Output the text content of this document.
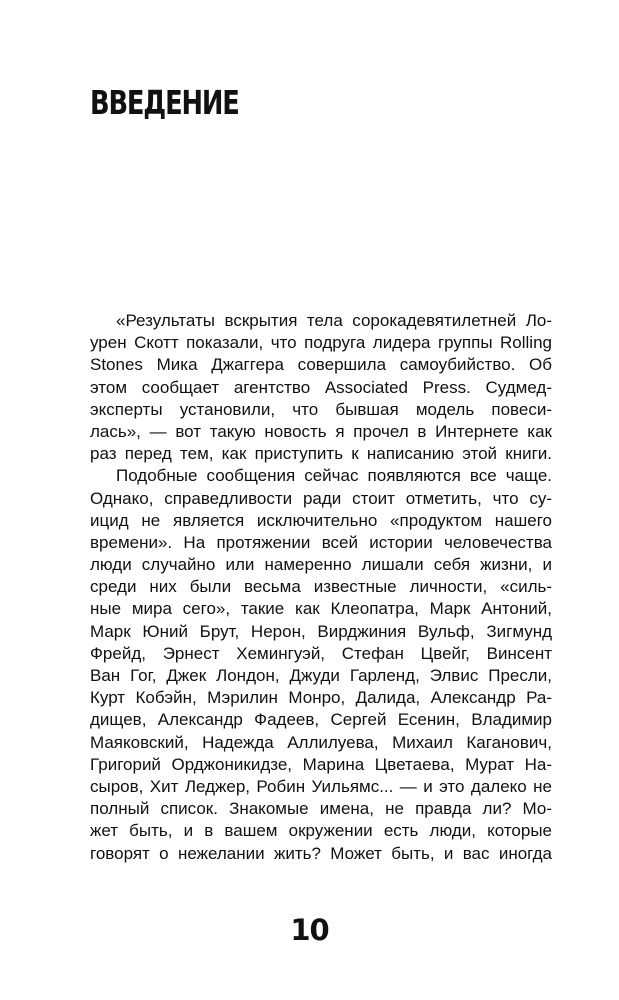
ВВЕДЕНИЕ
«Результаты вскрытия тела сорокадевятилетней Ло-
урен Скотт показали, что подруга лидера группы Rolling
Stones Мика Джаггера совершила самоубийство. Об
этом сообщает агентство Associated Press. Судмед-
эксперты установили, что бывшая модель повеси-
лась», — вот такую новость я прочел в Интернете как
раз перед тем, как приступить к написанию этой книги.
Подобные сообщения сейчас появляются все чаще.
Однако, справедливости ради стоит отметить, что су-
ицид не является исключительно «продуктом нашего
времени». На протяжении всей истории человечества
люди случайно или намеренно лишали себя жизни, и
среди них были весьма известные личности, «силь-
ные мира сего», такие как Клеопатра, Марк Антоний,
Марк Юний Брут, Нерон, Вирджиния Вульф, Зигмунд
Фрейд, Эрнест Хемингуэй, Стефан Цвейг, Винсент
Ван Гог, Джек Лондон, Джуди Гарленд, Элвис Пресли,
Курт Кобэйн, Мэрилин Монро, Далида, Александр Ра-
дищев, Александр Фадеев, Сергей Есенин, Владимир
Маяковский, Надежда Аллилуева, Михаил Каганович,
Григорий Орджоникидзе, Марина Цветаева, Мурат На-
сыров, Хит Леджер, Робин Уильямс... — и это далеко не
полный список. Знакомые имена, не правда ли? Мо-
жет быть, и в вашем окружении есть люди, которые
говорят о нежелании жить? Может быть, и вас иногда
10
